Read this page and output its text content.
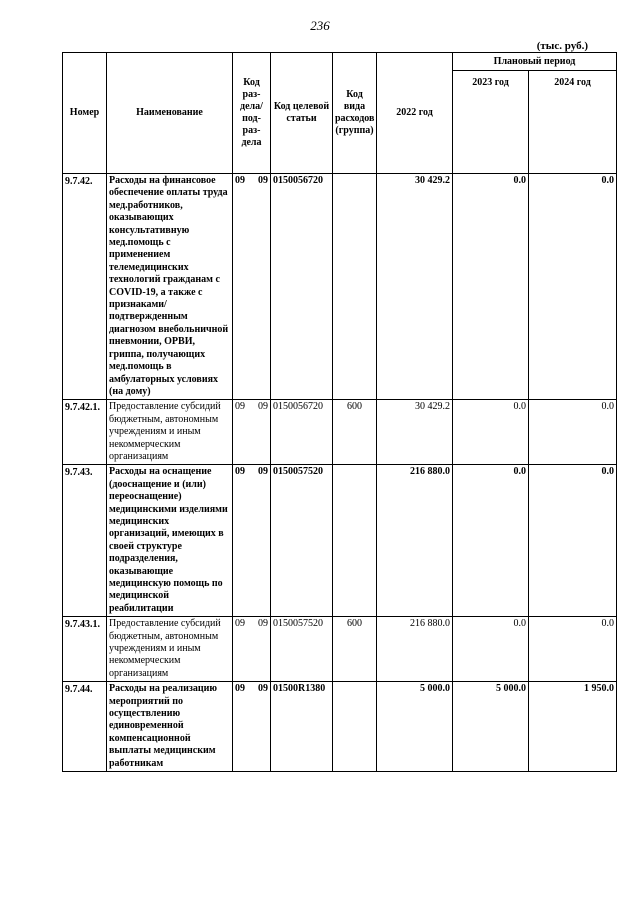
236
(тыс. руб.)
Номер	Наименование	Код раз-дела/ под-раз-дела	Код целевой статьи	Код вида расходов (группа)	2022 год	Плановый период	
						2023 год	2024 год
9.7.42.	Расходы на финансовое обеспечение оплаты труда мед.работников, оказывающих консультативную мед.помощь с применением телемедицинских технологий гражданам с COVID-19, а также с признаками/подтвержденным диагнозом внебольничной пневмонии, ОРВИ, гриппа, получающих мед.помощь в амбулаторных условиях (на дому)	09 09	0150056720		30 429.2	0.0	0.0
9.7.42.1.	Предоставление субсидий бюджетным, автономным учреждениям и иным некоммерческим организациям	09 09	0150056720	600	30 429.2	0.0	0.0
9.7.43.	Расходы на оснащение (дооснащение и (или) переоснащение) медицинскими изделиями медицинских организаций, имеющих в своей структуре подразделения, оказывающие медицинскую помощь по медицинской реабилитации	09 09	0150057520		216 880.0	0.0	0.0
9.7.43.1.	Предоставление субсидий бюджетным, автономным учреждениям и иным некоммерческим организациям	09 09	0150057520	600	216 880.0	0.0	0.0
9.7.44.	Расходы на реализацию мероприятий по осуществлению единовременной компенсационной выплаты медицинским работникам	09 09	01500R1380		5 000.0	5 000.0	1 950.0
